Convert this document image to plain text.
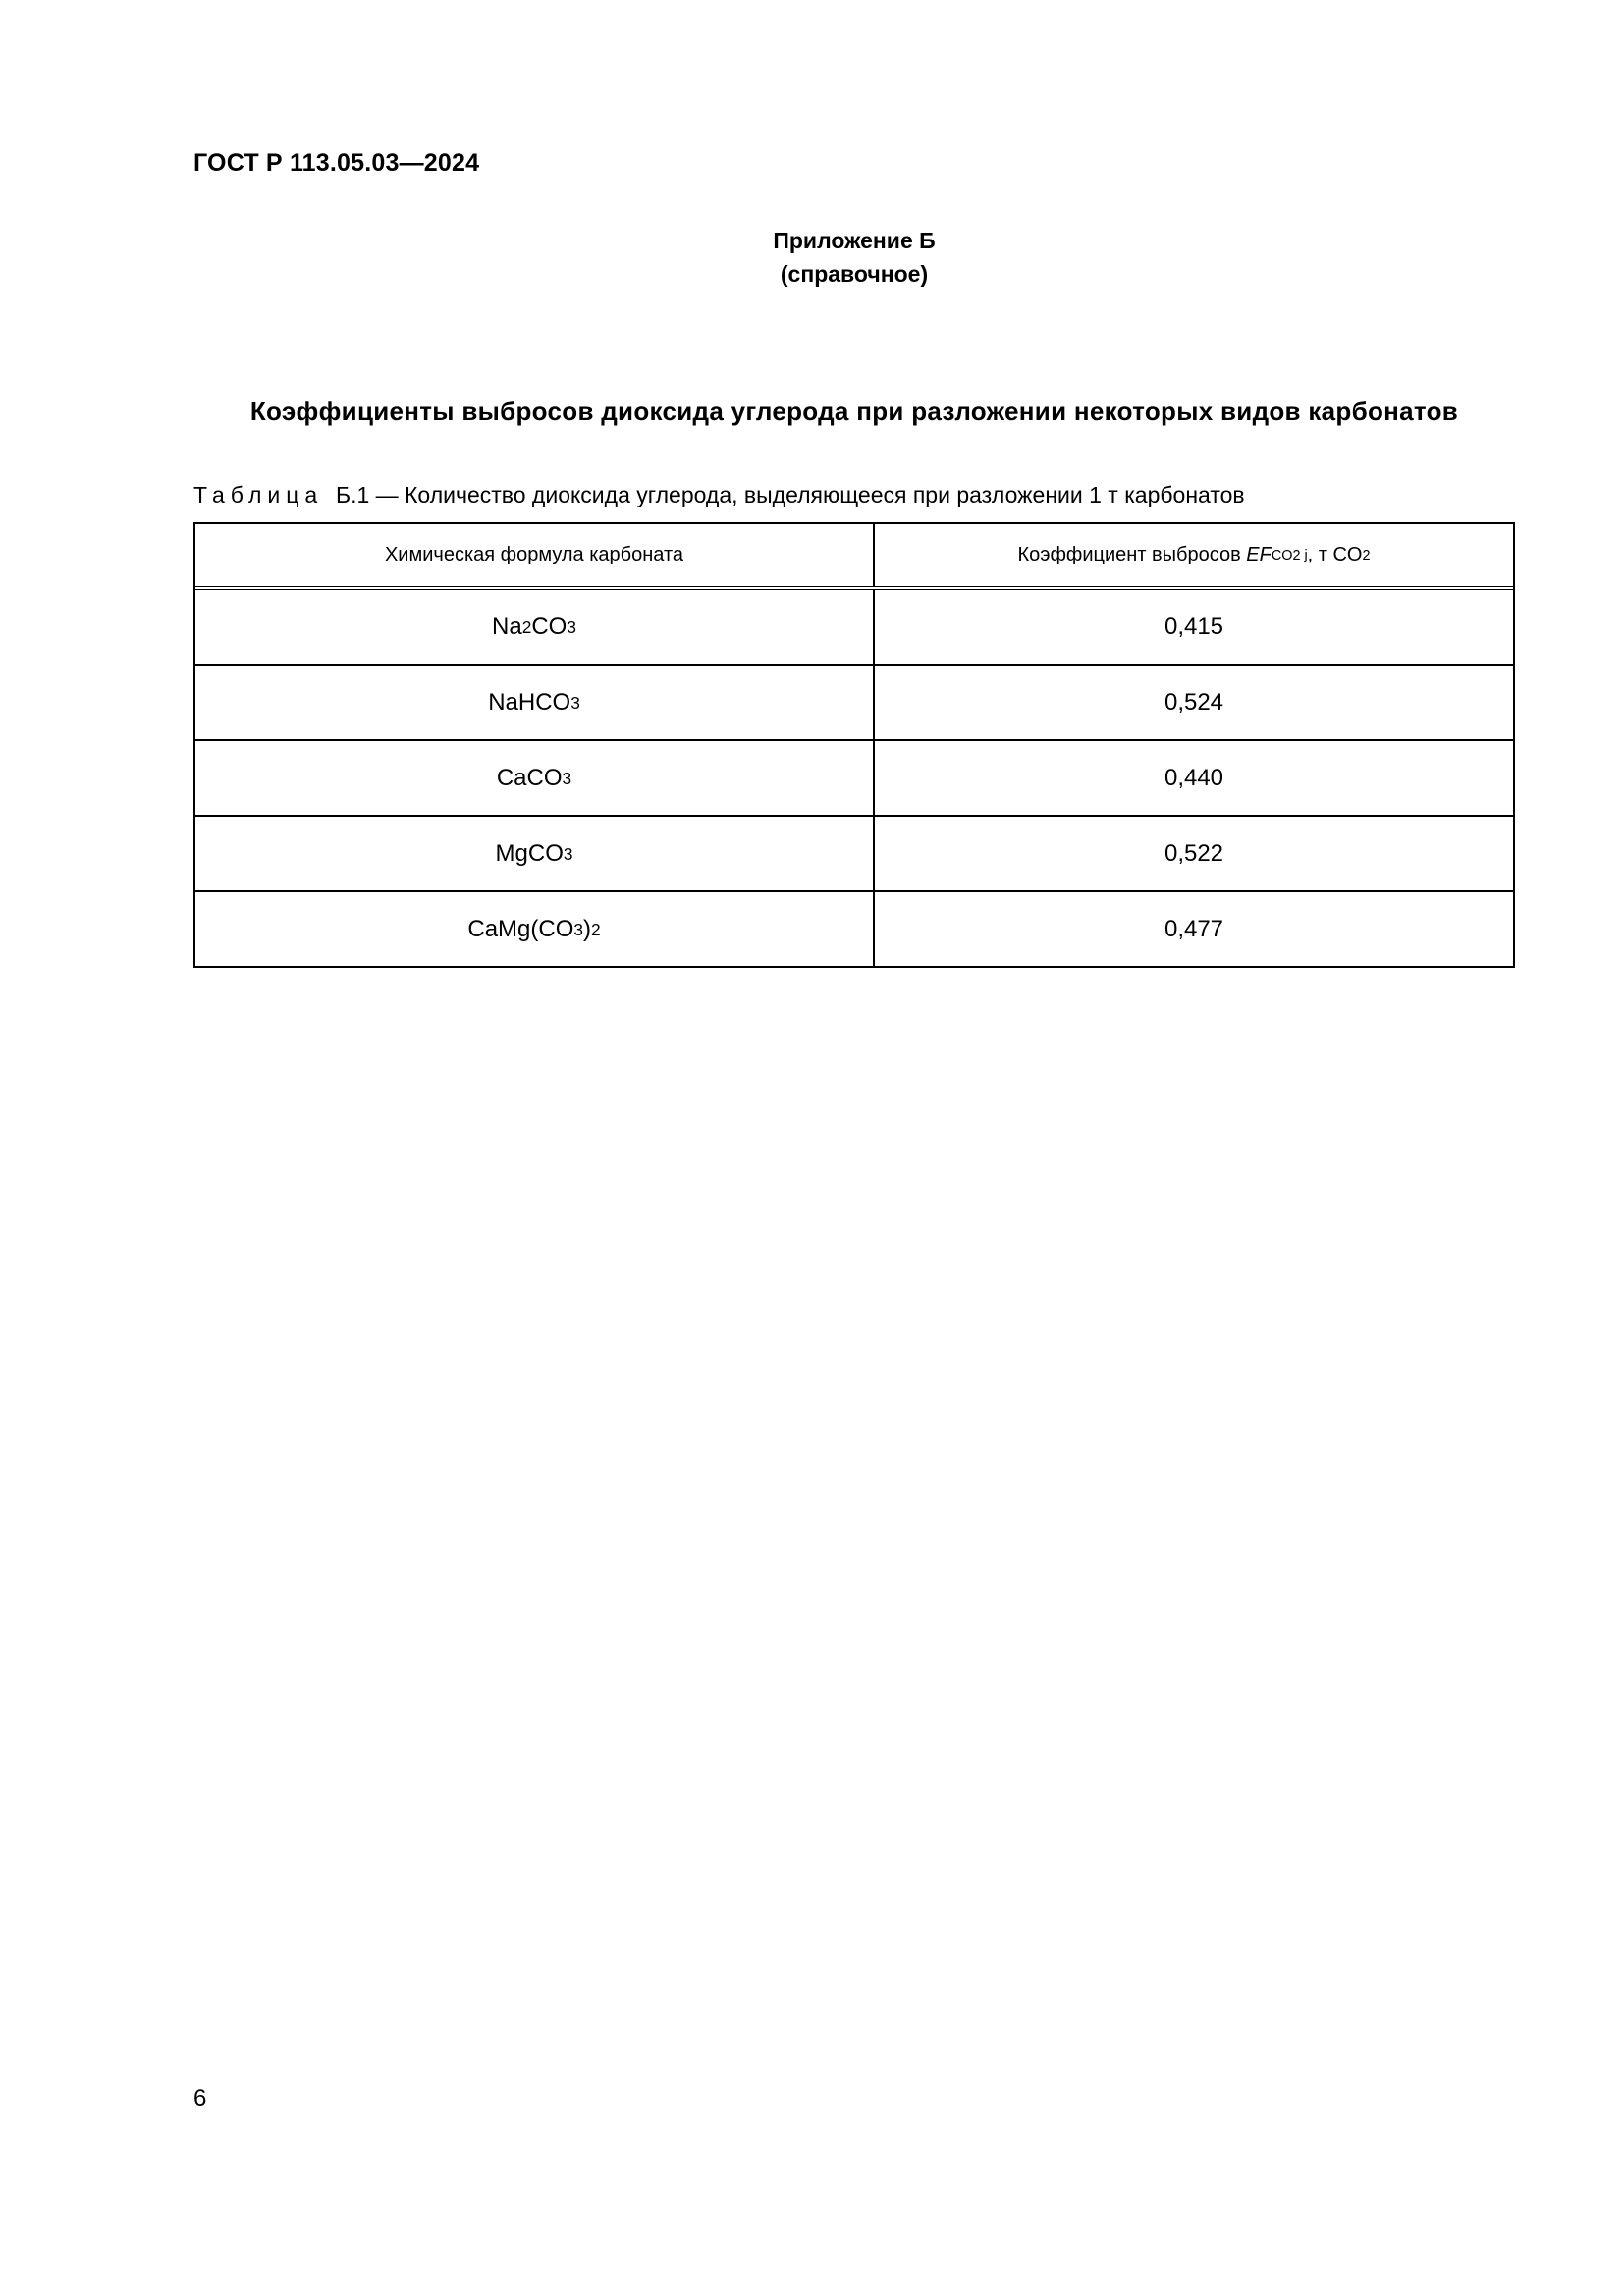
ГОСТ Р 113.05.03—2024
Приложение Б
(справочное)
Коэффициенты выбросов диоксида углерода при разложении некоторых видов карбонатов
Таблица Б.1 — Количество диоксида углерода, выделяющееся при разложении 1 т карбонатов
Химическая формула карбоната	Коэффициент выбросов
EF CO2 j , т CO 2
Na 2 CO 3	0,415
NaHCO 3	0,524
CaCO 3	0,440
MgCO 3	0,522
CaMg(CO 3 ) 2	0,477
6
